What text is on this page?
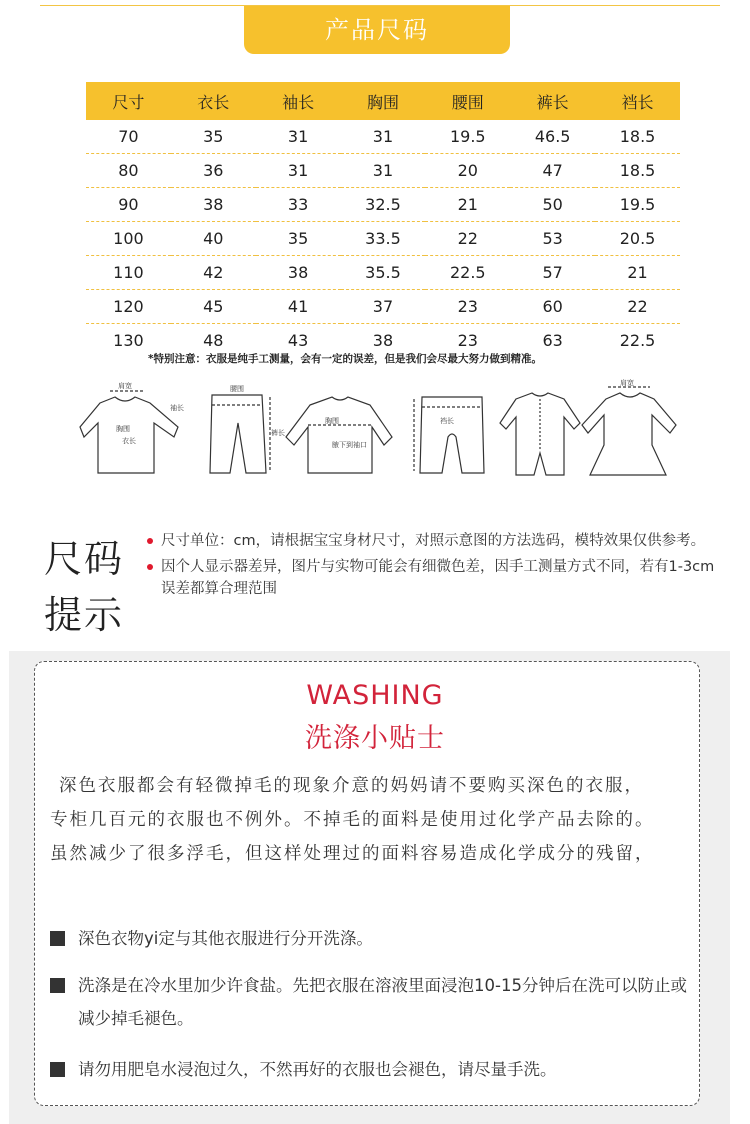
产品尺码
尺寸	衣长	袖长	胸围	腰围	裤长	裆长
70	35	31	31	19.5	46.5	18.5
80	36	31	31	20	47	18.5
90	38	33	32.5	21	50	19.5
100	40	35	33.5	22	53	20.5
110	42	38	35.5	22.5	57	21
120	45	41	37	23	60	22
130	48	43	38	23	63	22.5
*特别注意：衣服是纯手工测量，会有一定的误差，但是我们会尽最大努力做到精准。
肩宽
袖长
胸围
衣长
腰围
裤长
胸围
腋下到袖口
裆长
肩宽
尺码
提示
尺寸单位：cm，请根据宝宝身材尺寸，对照示意图的方法选码，模特效果仅供参考。
因个人显示器差异，图片与实物可能会有细微色差，因手工测量方式不同，若有1-3cm误差都算合理范围
WASHING
洗涤小贴士
深色衣服都会有轻微掉毛的现象介意的妈妈请不要购买深色的衣服，
专柜几百元的衣服也不例外。不掉毛的面料是使用过化学产品去除的。
虽然减少了很多浮毛，但这样处理过的面料容易造成化学成分的残留，
深色衣物yi定与其他衣服进行分开洗涤。
洗涤是在冷水里加少许食盐。先把衣服在溶液里面浸泡10-15分钟后在洗可以防止或减少掉毛褪色。
请勿用肥皂水浸泡过久，不然再好的衣服也会褪色，请尽量手洗。
